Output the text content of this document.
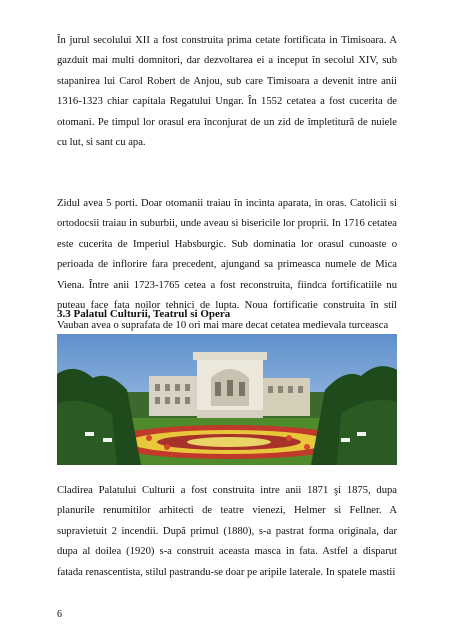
În jurul secolului XII a fost construita prima cetate fortificata in Timisoara. A gazduit mai multi domnitori, dar dezvoltarea ei a inceput în secolul XIV, sub stapanirea lui Carol Robert de Anjou, sub care Timisoara a devenit intre anii 1316-1323 chiar capitala Regatului Ungar. În 1552 cetatea a fost cucerita de otomani. Pe timpul lor orasul era înconjurat de un zid de împletitură de nuiele cu lut, si sant cu apa.

Zidul avea 5 porti. Doar otomanii traiau în incinta aparata, in oras. Catolicii si ortodocsii traiau in suburbii, unde aveau si bisericile lor proprii. In 1716 cetatea este cucerita de Imperiul Habsburgic. Sub dominatia lor orasul cunoaste o perioada de inflorire fara precedent, ajungand sa primeasca numele de Mica Viena. Între anii 1723-1765 cetea a fost reconstruita, fiindca fortificatiile nu puteau face fata noilor tehnici de lupta. Noua fortificatie construita în stil Vauban avea o suprafata de 10 ori mai mare decat cetatea medievala turceasca

3.3 Palatul Culturii, Teatrul si Opera

Cladirea Palatului Culturii a fost construita intre anii 1871 şi 1875, dupa planurile renumitilor arhitecti de teatre vienezi, Helmer si Fellner. A supravietuit 2 incendii. După primul (1880), s-a pastrat forma originala, dar dupa al doilea (1920) s-a construit aceasta masca in fata. Astfel a disparut fatada renascentista, stilul pastrandu-se doar pe aripile laterale. In spatele mastii

6
